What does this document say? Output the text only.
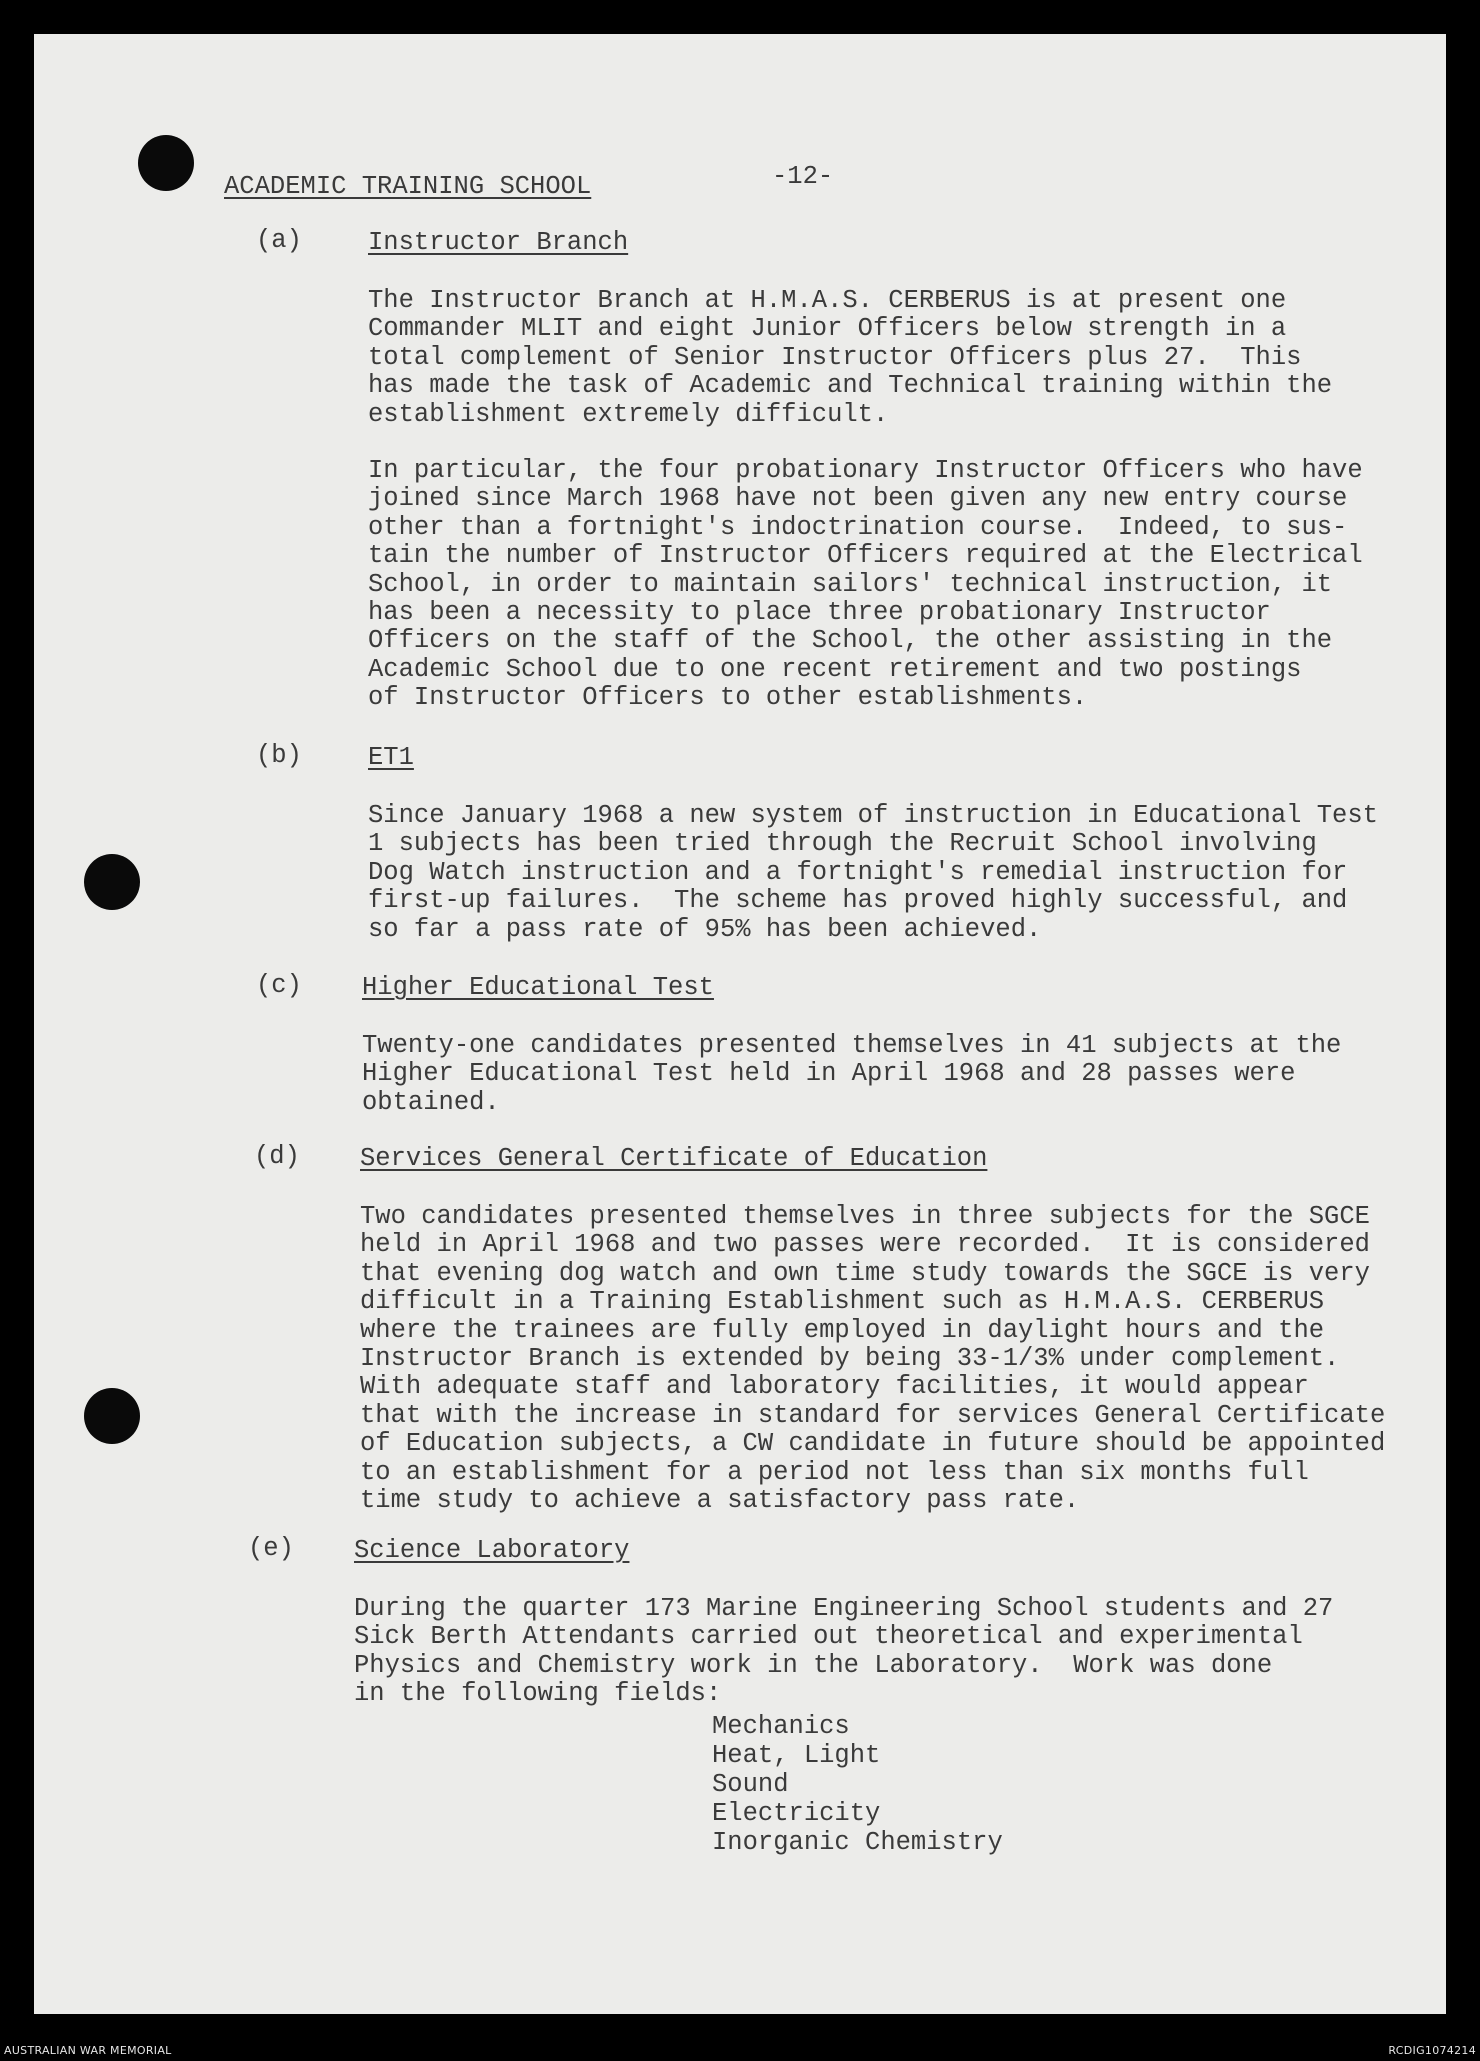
ACADEMIC TRAINING SCHOOL	-12-
(a)	Instructor Branch
The Instructor Branch at H.M.A.S. CERBERUS is at present one
Commander MLIT and eight Junior Officers below strength in a
total complement of Senior Instructor Officers plus 27.  This
has made the task of Academic and Technical training within the
establishment extremely difficult.
In particular, the four probationary Instructor Officers who have
joined since March 1968 have not been given any new entry course
other than a fortnight's indoctrination course.  Indeed, to sus-
tain the number of Instructor Officers required at the Electrical
School, in order to maintain sailors' technical instruction, it
has been a necessity to place three probationary Instructor
Officers on the staff of the School, the other assisting in the
Academic School due to one recent retirement and two postings
of Instructor Officers to other establishments.
(b)	ET1
Since January 1968 a new system of instruction in Educational Test
1 subjects has been tried through the Recruit School involving
Dog Watch instruction and a fortnight's remedial instruction for
first-up failures.  The scheme has proved highly successful, and
so far a pass rate of 95% has been achieved.
(c) Higher Educational Test
Twenty-one candidates presented themselves in 41 subjects at the
Higher Educational Test held in April 1968 and 28 passes were
obtained.
(d) Services General Certificate of Education
Two candidates presented themselves in three subjects for the SGCE
held in April 1968 and two passes were recorded.  It is considered
that evening dog watch and own time study towards the SGCE is very
difficult in a Training Establishment such as H.M.A.S. CERBERUS
where the trainees are fully employed in daylight hours and the
Instructor Branch is extended by being 33-1/3% under complement.
With adequate staff and laboratory facilities, it would appear
that with the increase in standard for services General Certificate
of Education subjects, a CW candidate in future should be appointed
to an establishment for a period not less than six months full
time study to achieve a satisfactory pass rate.
(e) Science Laboratory
During the quarter 173 Marine Engineering School students and 27
Sick Berth Attendants carried out theoretical and experimental
Physics and Chemistry work in the Laboratory.  Work was done
in the following fields:
Mechanics
Heat, Light
Sound
Electricity
Inorganic Chemistry
AUSTRALIAN WAR MEMORIAL	RCDIG1074214
